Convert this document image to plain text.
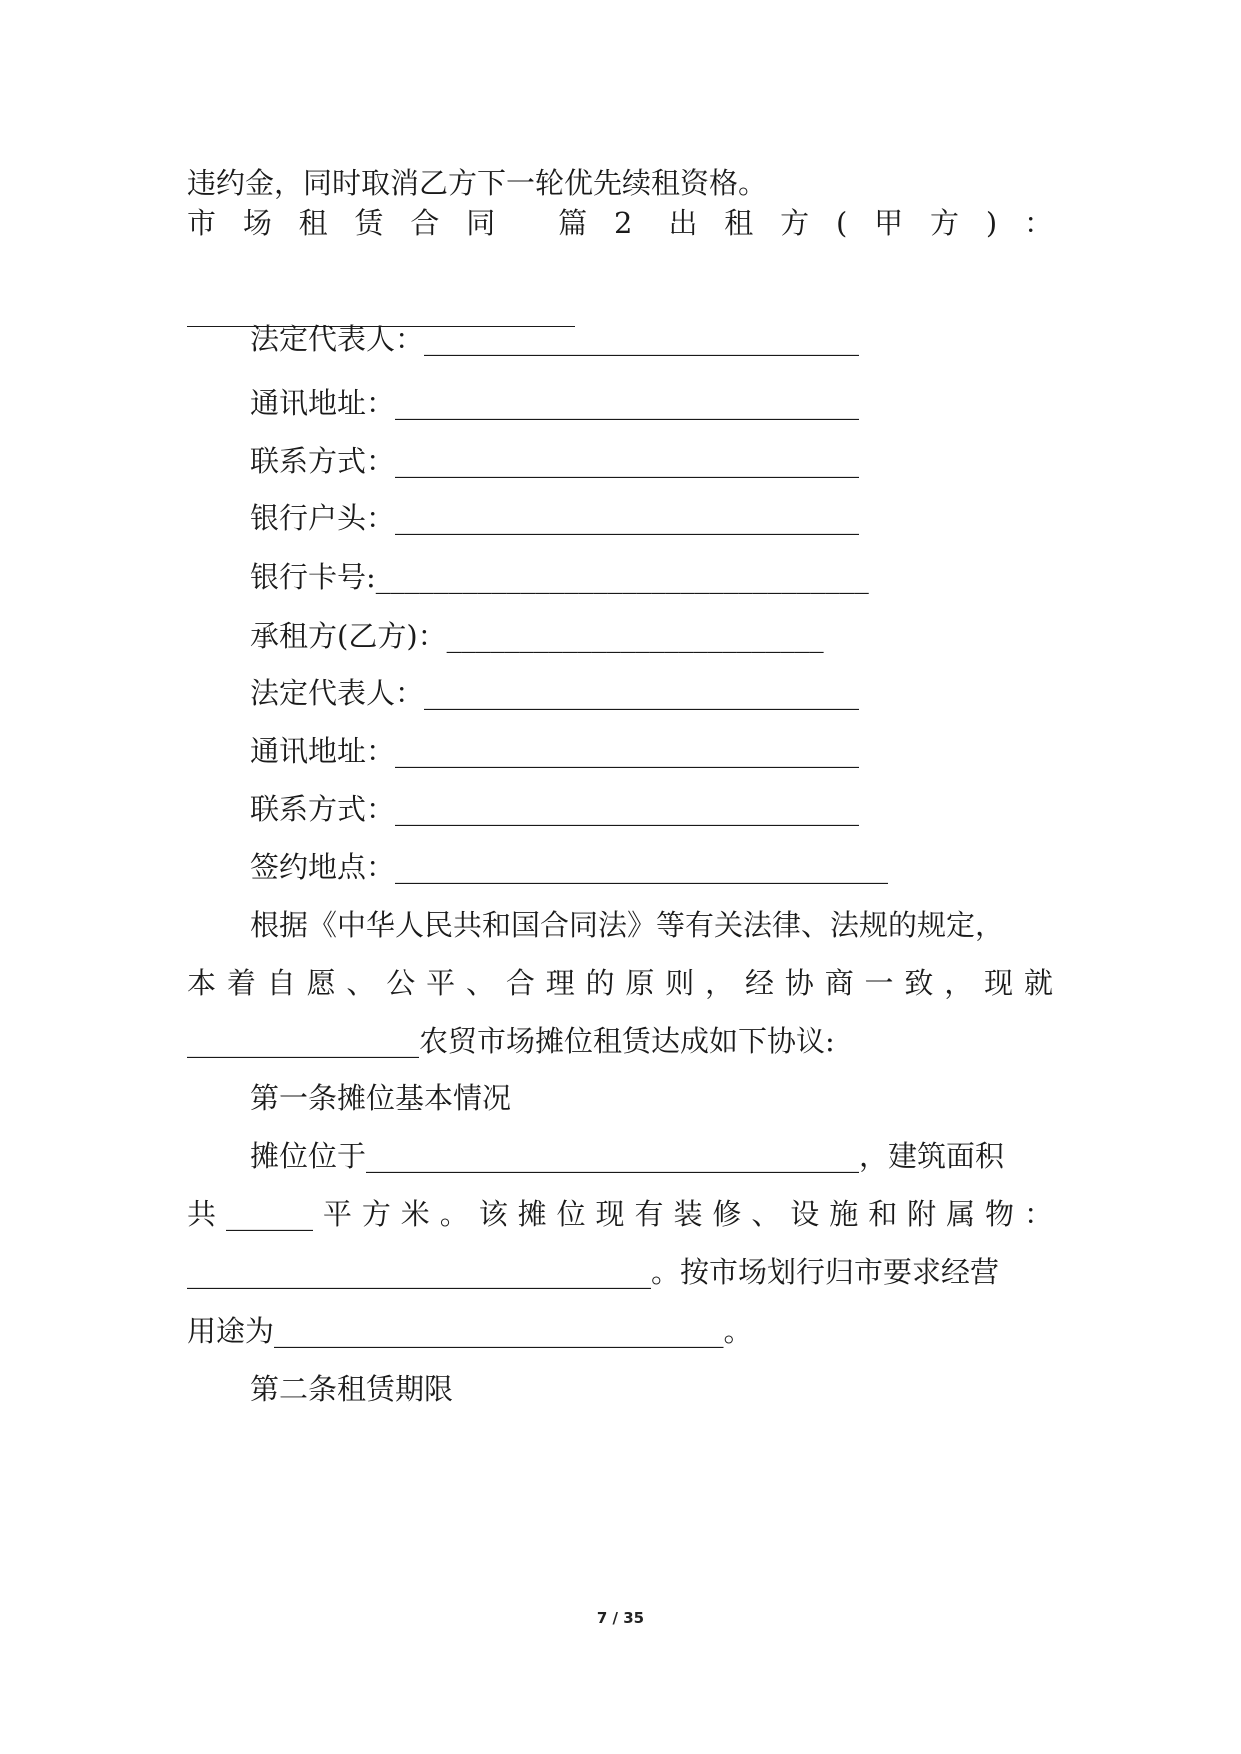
违约金，同时取消乙方下一轮优先续租资格。
市场租赁合同 篇2 出租方(甲方)：
法定代表人：______________________________
通讯地址：________________________________
联系方式：________________________________
银行户头：________________________________
银行卡号:__________________________________
承租方(乙方)：__________________________
法定代表人：______________________________
通讯地址：________________________________
联系方式：________________________________
签约地点：__________________________________
根据《中华人民共和国合同法》等有关法律、法规的规定，
本着自愿、公平、合理的原则，经协商一致，现就
________________农贸市场摊位租赁达成如下协议:
第一条摊位基本情况
摊位位于__________________________________，建筑面积
共______平方米。该摊位现有装修、设施和附属物：
________________________________。按市场划行归市要求经营
用途为_______________________________。
第二条租赁期限
7 / 35
